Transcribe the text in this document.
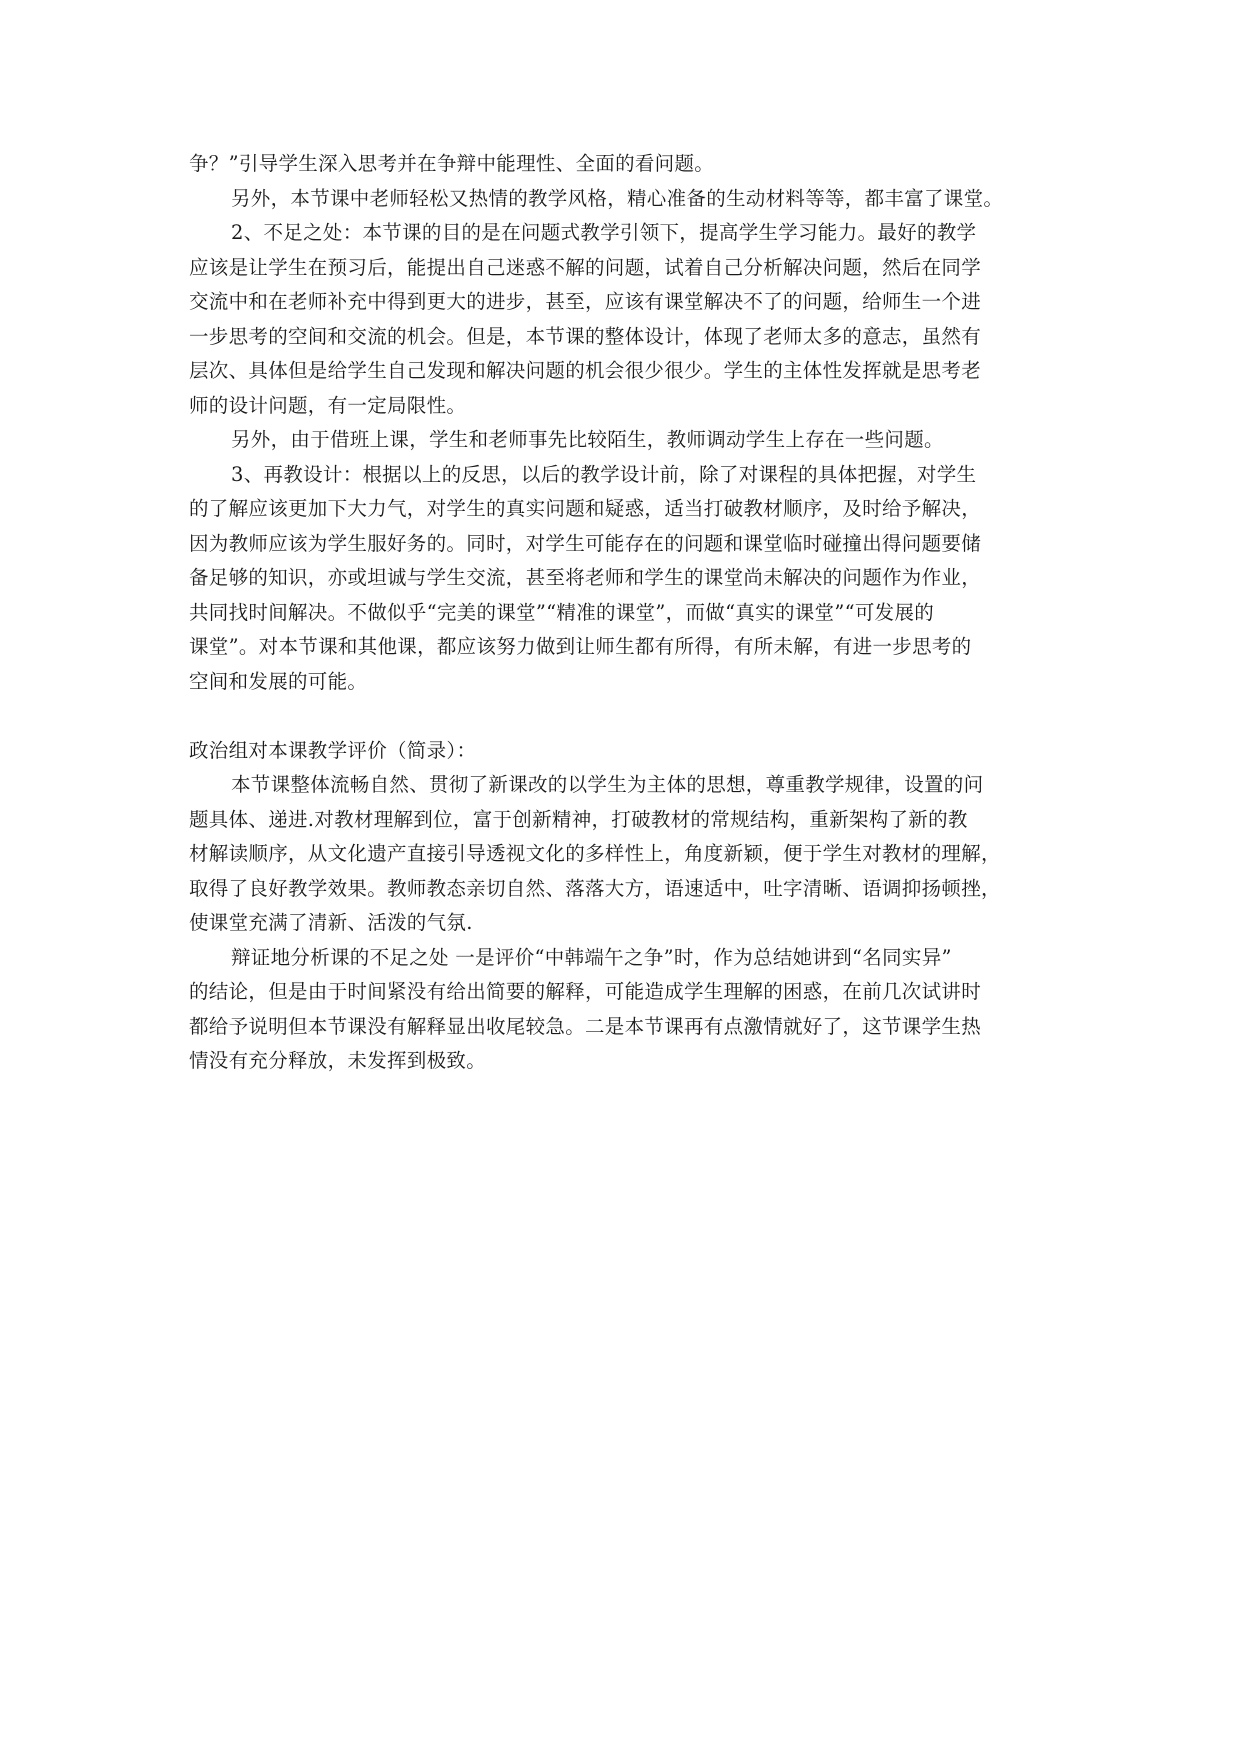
争？”引导学生深入思考并在争辩中能理性、全面的看问题。
另外，本节课中老师轻松又热情的教学风格，精心准备的生动材料等等，都丰富了课堂。
2、不足之处：本节课的目的是在问题式教学引领下，提高学生学习能力。最好的教学
应该是让学生在预习后，能提出自己迷惑不解的问题，试着自己分析解决问题，然后在同学
交流中和在老师补充中得到更大的进步，甚至，应该有课堂解决不了的问题，给师生一个进
一步思考的空间和交流的机会。但是，本节课的整体设计，体现了老师太多的意志，虽然有
层次、具体但是给学生自己发现和解决问题的机会很少很少。学生的主体性发挥就是思考老
师的设计问题，有一定局限性。
另外，由于借班上课，学生和老师事先比较陌生，教师调动学生上存在一些问题。
3、再教设计：根据以上的反思，以后的教学设计前，除了对课程的具体把握，对学生
的了解应该更加下大力气，对学生的真实问题和疑惑，适当打破教材顺序，及时给予解决，
因为教师应该为学生服好务的。同时，对学生可能存在的问题和课堂临时碰撞出得问题要储
备足够的知识，亦或坦诚与学生交流，甚至将老师和学生的课堂尚未解决的问题作为作业，
共同找时间解决。不做似乎“完美的课堂”“精准的课堂”，而做“真实的课堂”“可发展的
课堂”。对本节课和其他课，都应该努力做到让师生都有所得，有所未解，有进一步思考的
空间和发展的可能。
政治组对本课教学评价（简录）：
本节课整体流畅自然、贯彻了新课改的以学生为主体的思想，尊重教学规律，设置的问
题具体、递进.对教材理解到位，富于创新精神，打破教材的常规结构，重新架构了新的教
材解读顺序，从文化遗产直接引导透视文化的多样性上，角度新颖，便于学生对教材的理解，
取得了良好教学效果。教师教态亲切自然、落落大方，语速适中，吐字清晰、语调抑扬顿挫，
使课堂充满了清新、活泼的气氛.
辩证地分析课的不足之处 一是评价“中韩端午之争”时，作为总结她讲到“名同实异”
的结论，但是由于时间紧没有给出简要的解释，可能造成学生理解的困惑，在前几次试讲时
都给予说明但本节课没有解释显出收尾较急。二是本节课再有点激情就好了，这节课学生热
情没有充分释放，未发挥到极致。
